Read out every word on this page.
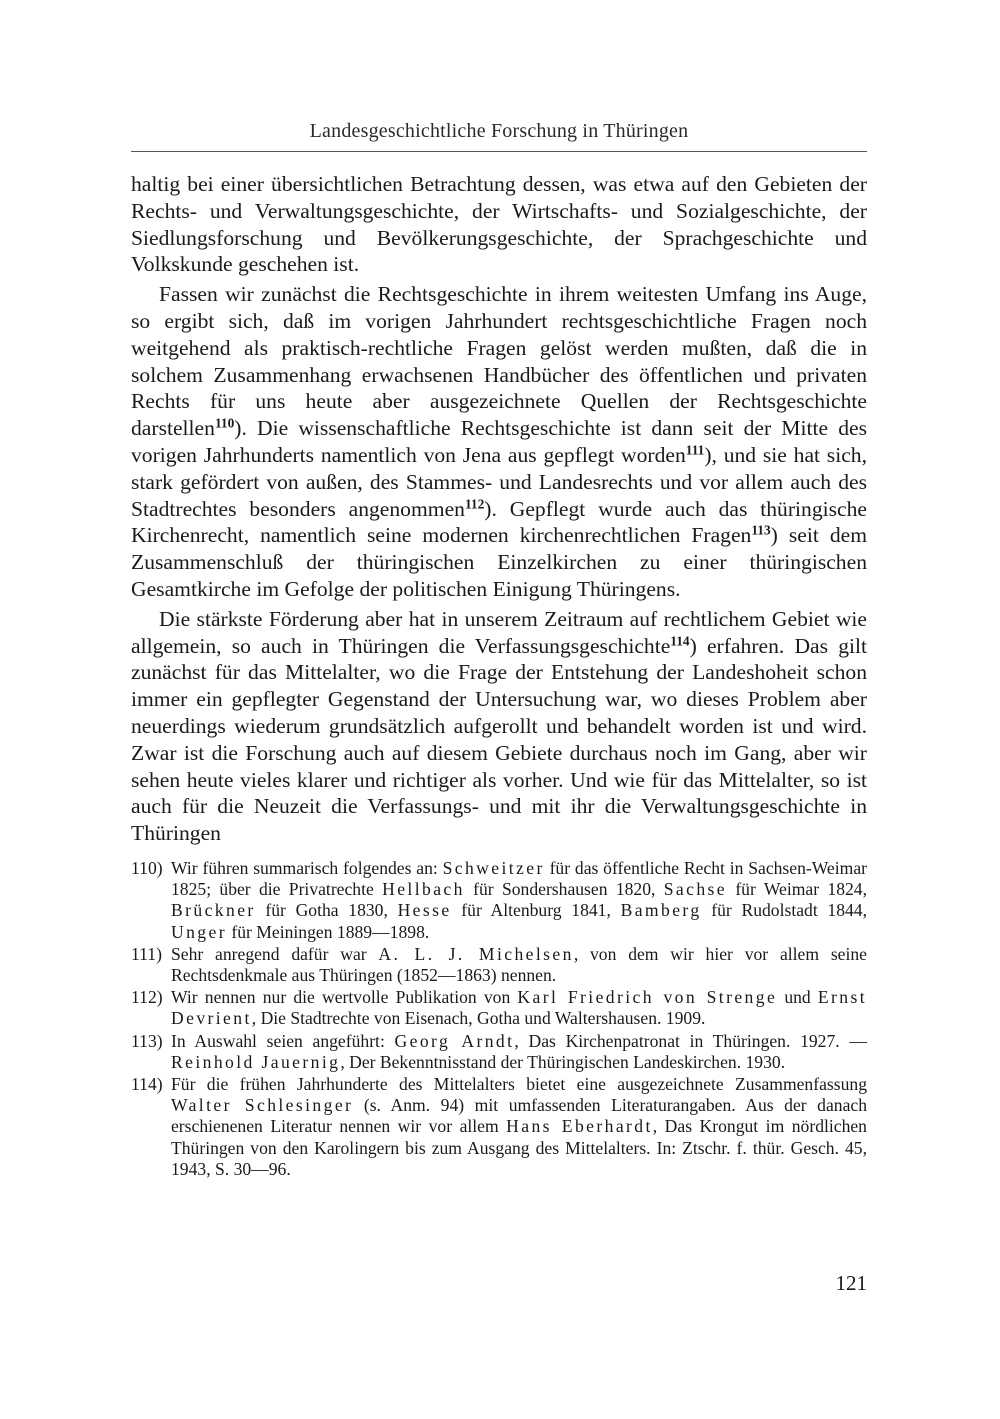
Landesgeschichtliche Forschung in Thüringen

haltig bei einer übersichtlichen Betrachtung dessen, was etwa auf den Gebieten der Rechts- und Verwaltungsgeschichte, der Wirtschafts- und Sozialgeschichte, der Siedlungsforschung und Bevölkerungsgeschichte, der Sprachgeschichte und Volkskunde geschehen ist.

Fassen wir zunächst die Rechtsgeschichte in ihrem weitesten Umfang ins Auge, so ergibt sich, daß im vorigen Jahrhundert rechtsgeschichtliche Fragen noch weitgehend als praktisch-rechtliche Fragen gelöst werden mußten, daß die in solchem Zusammenhang erwachsenen Handbücher des öffentlichen und privaten Rechts für uns heute aber ausgezeichnete Quellen der Rechtsgeschichte darstellen$^{110}$). Die wissenschaftliche Rechtsgeschichte ist dann seit der Mitte des vorigen Jahrhunderts namentlich von Jena aus gepflegt worden$^{111}$), und sie hat sich, stark gefördert von außen, des Stammes- und Landesrechts und vor allem auch des Stadtrechtes besonders angenommen$^{112}$). Gepflegt wurde auch das thüringische Kirchenrecht, namentlich seine modernen kirchenrechtlichen Fragen$^{113}$) seit dem Zusammenschluß der thüringischen Einzelkirchen zu einer thüringischen Gesamtkirche im Gefolge der politischen Einigung Thüringens.

Die stärkste Förderung aber hat in unserem Zeitraum auf rechtlichem Gebiet wie allgemein, so auch in Thüringen die Verfassungsgeschichte$^{114}$) erfahren. Das gilt zunächst für das Mittelalter, wo die Frage der Entstehung der Landeshoheit schon immer ein gepflegter Gegenstand der Untersuchung war, wo dieses Problem aber neuerdings wiederum grundsätzlich aufgerollt und behandelt worden ist und wird. Zwar ist die Forschung auch auf diesem Gebiete durchaus noch im Gang, aber wir sehen heute vieles klarer und richtiger als vorher. Und wie für das Mittelalter, so ist auch für die Neuzeit die Verfassungs- und mit ihr die Verwaltungsgeschichte in Thüringen

110) Wir führen summarisch folgendes an: Schweitzer für das öffentliche Recht in Sachsen-Weimar 1825; über die Privatrechte Hellbach für Sondershausen 1820, Sachse für Weimar 1824, Brückner für Gotha 1830, Hesse für Altenburg 1841, Bamberg für Rudolstadt 1844, Unger für Meiningen 1889—1898.
111) Sehr anregend dafür war A. L. J. Michelsen, von dem wir hier vor allem seine Rechtsdenkmale aus Thüringen (1852—1863) nennen.
112) Wir nennen nur die wertvolle Publikation von Karl Friedrich von Strenge und Ernst Devrient, Die Stadtrechte von Eisenach, Gotha und Waltershausen. 1909.
113) In Auswahl seien angeführt: Georg Arndt, Das Kirchenpatronat in Thüringen. 1927. — Reinhold Jauernig, Der Bekenntnisstand der Thüringischen Landeskirchen. 1930.
114) Für die frühen Jahrhunderte des Mittelalters bietet eine ausgezeichnete Zusammenfassung Walter Schlesinger (s. Anm. 94) mit umfassenden Literaturangaben. Aus der danach erschienenen Literatur nennen wir vor allem Hans Eberhardt, Das Krongut im nördlichen Thüringen von den Karolingern bis zum Ausgang des Mittelalters. In: Ztschr. f. thür. Gesch. 45, 1943, S. 30—96.
121
